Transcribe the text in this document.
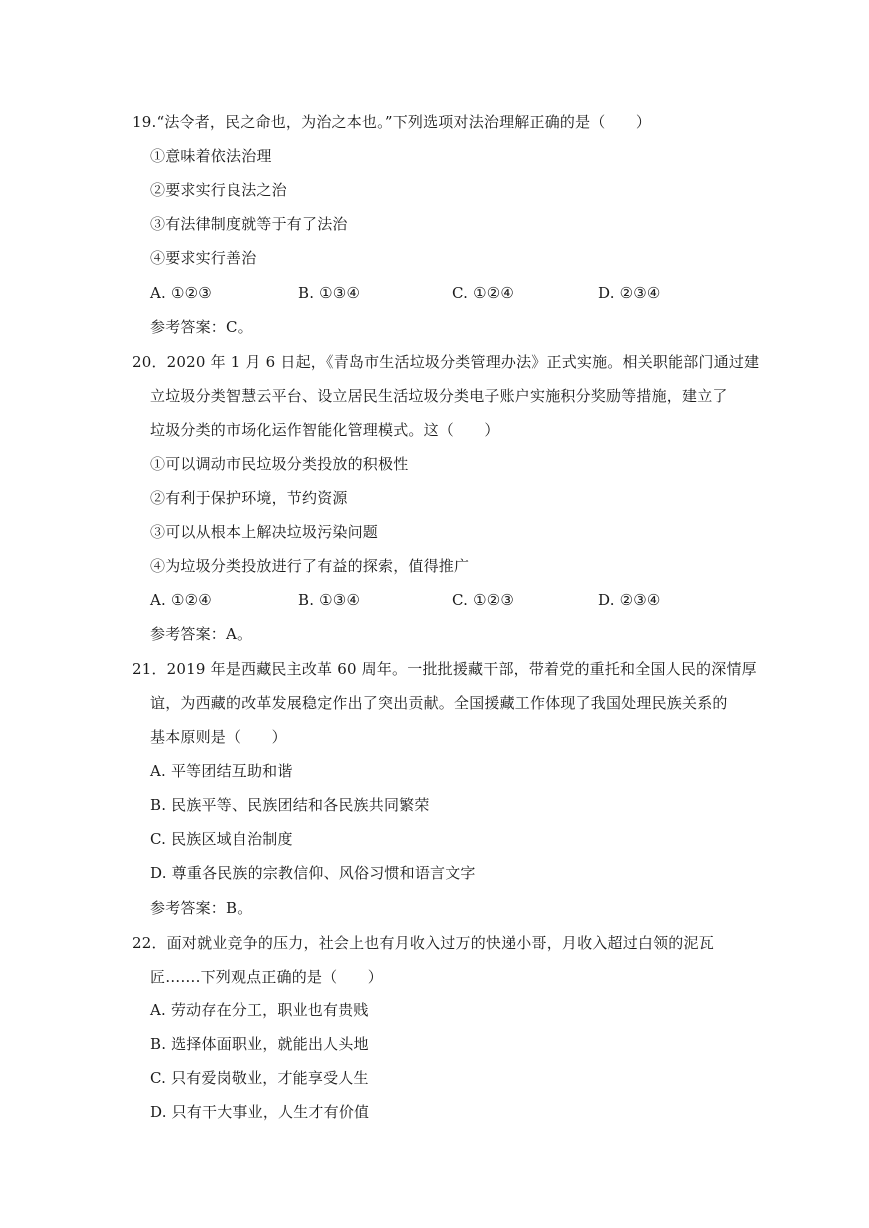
19.“法令者，民之命也，为治之本也。”下列选项对法治理解正确的是（　　）
①意味着依法治理
②要求实行良法之治
③有法律制度就等于有了法治
④要求实行善治
A. ①②③	B. ①③④	C. ①②④	D. ②③④
参考答案：C。
20．2020 年 1 月 6 日起，《青岛市生活垃圾分类管理办法》正式实施。相关职能部门通过建
立垃圾分类智慧云平台、设立居民生活垃圾分类电子账户实施积分奖励等措施，建立了
垃圾分类的市场化运作智能化管理模式。这（　　）
①可以调动市民垃圾分类投放的积极性
②有利于保护环境，节约资源
③可以从根本上解决垃圾污染问题
④为垃圾分类投放进行了有益的探索，值得推广
A. ①②④	B. ①③④	C. ①②③	D. ②③④
参考答案：A。
21．2019 年是西藏民主改革 60 周年。一批批援藏干部，带着党的重托和全国人民的深情厚
谊，为西藏的改革发展稳定作出了突出贡献。全国援藏工作体现了我国处理民族关系的
基本原则是（　　）
A. 平等团结互助和谐
B. 民族平等、民族团结和各民族共同繁荣
C. 民族区域自治制度
D. 尊重各民族的宗教信仰、风俗习惯和语言文字
参考答案：B。
22．面对就业竞争的压力，社会上也有月收入过万的快递小哥，月收入超过白领的泥瓦
匠…….下列观点正确的是（　　）
A. 劳动存在分工，职业也有贵贱
B. 选择体面职业，就能出人头地
C. 只有爱岗敬业，才能享受人生
D. 只有干大事业，人生才有价值
